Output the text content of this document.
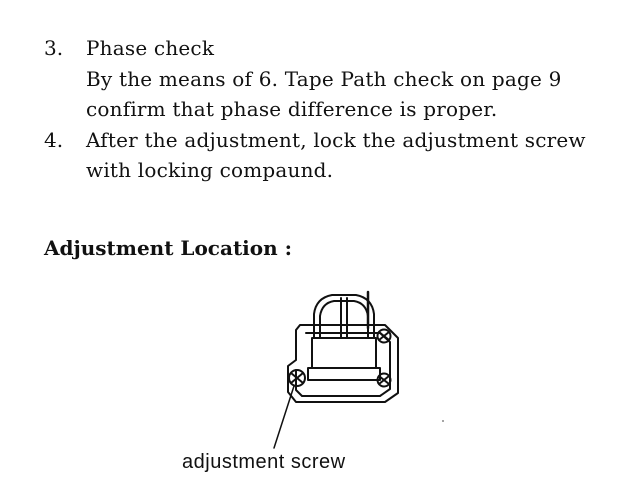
3. Phase check
By the means of 6. Tape Path check on page 9
confirm that phase difference is proper.
4. After the adjustment, lock the adjustment screw
with locking compaund.
Adjustment Location :
adjustment screw
